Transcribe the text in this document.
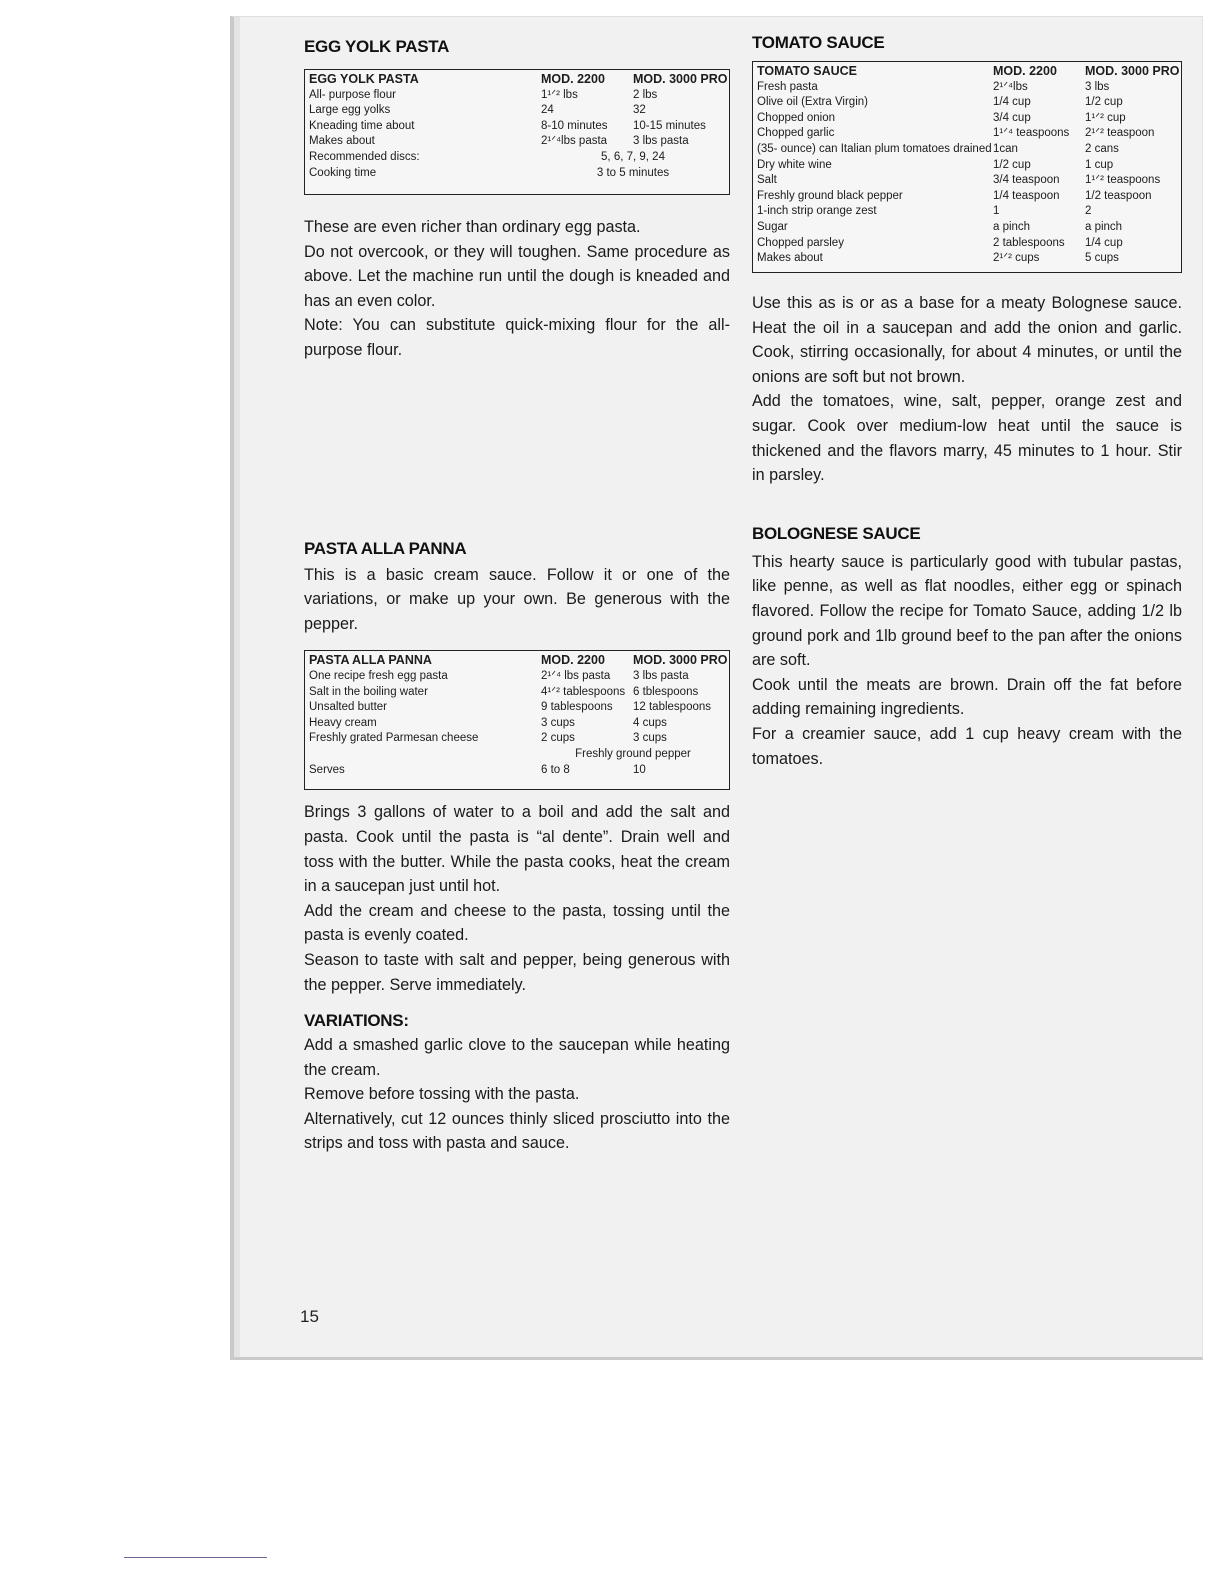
EGG YOLK PASTA
EGG YOLK PASTA	MOD. 2200	MOD. 3000 PRO
All- purpose flour	1¹ᐟ² lbs	2 lbs
Large egg yolks	24	32
Kneading time about	8-10 minutes	10-15 minutes
Makes about	2¹ᐟ⁴lbs pasta	3 lbs pasta
Recommended discs:	5, 6, 7, 9, 24
Cooking time	3 to 5 minutes

These are even richer than ordinary egg pasta.

Do not overcook, or they will toughen. Same procedure as above. Let the machine run until the dough is kneaded and has an even color.

Note: You can substitute quick-mixing flour for the all-purpose flour.

PASTA ALLA PANNA

This is a basic cream sauce. Follow it or one of the variations, or make up your own. Be generous with the pepper.

PASTA ALLA PANNA	MOD. 2200	MOD. 3000 PRO
One recipe fresh egg pasta	2¹ᐟ⁴ lbs pasta	3 lbs pasta
Salt in the boiling water	4¹ᐟ² tablespoons 6 tblespoons
Unsalted butter	9 tablespoons	12 tablespoons
Heavy cream	3 cups	4 cups
Freshly grated Parmesan cheese	2 cups	3 cups
Freshly ground pepper
Serves	6 to 8	10

Brings 3 gallons of water to a boil and add the salt and pasta. Cook until the pasta is “al dente”. Drain well and toss with the butter. While the pasta cooks, heat the cream in a saucepan just until hot.

Add the cream and cheese to the pasta, tossing until the pasta is evenly coated.

Season to taste with salt and pepper, being generous with the pepper. Serve immediately.

VARIATIONS:

Add a smashed garlic clove to the saucepan while heating the cream.

Remove before tossing with the pasta.

Alternatively, cut 12 ounces thinly sliced prosciutto into the strips and toss with pasta and sauce.

TOMATO SAUCE
TOMATO SAUCE	MOD. 2200	MOD. 3000 PRO
Fresh pasta	2¹ᐟ⁴lbs	3 lbs
Olive oil (Extra Virgin)	1/4 cup	1/2 cup
Chopped onion	3/4 cup	1¹ᐟ² cup
Chopped garlic	1¹ᐟ⁴ teaspoons	2¹ᐟ² teaspoon
(35- ounce) can Italian plum tomatoes drained 1can	2 cans
Dry white wine	1/2 cup	1 cup
Salt	3/4 teaspoon	1¹ᐟ² teaspoons
Freshly ground black pepper	1/4 teaspoon	1/2 teaspoon
1-inch strip orange zest	1	2
Sugar	a pinch	a pinch
Chopped parsley	2 tablespoons	1/4 cup
Makes about	2¹ᐟ² cups	5 cups

Use this as is or as a base for a meaty Bolognese sauce. Heat the oil in a saucepan and add the onion and garlic. Cook, stirring occasionally, for about 4 minutes, or until the onions are soft but not brown.

Add the tomatoes, wine, salt, pepper, orange zest and sugar. Cook over medium-low heat until the sauce is thickened and the flavors marry, 45 minutes to 1 hour. Stir in parsley.

BOLOGNESE SAUCE

This hearty sauce is particularly good with tubular pastas, like penne, as well as flat noodles, either egg or spinach flavored. Follow the recipe for Tomato Sauce, adding 1/2 lb ground pork and 1lb ground beef to the pan after the onions are soft.

Cook until the meats are brown. Drain off the fat before adding remaining ingredients.

For a creamier sauce, add 1 cup heavy cream with the tomatoes.

15
